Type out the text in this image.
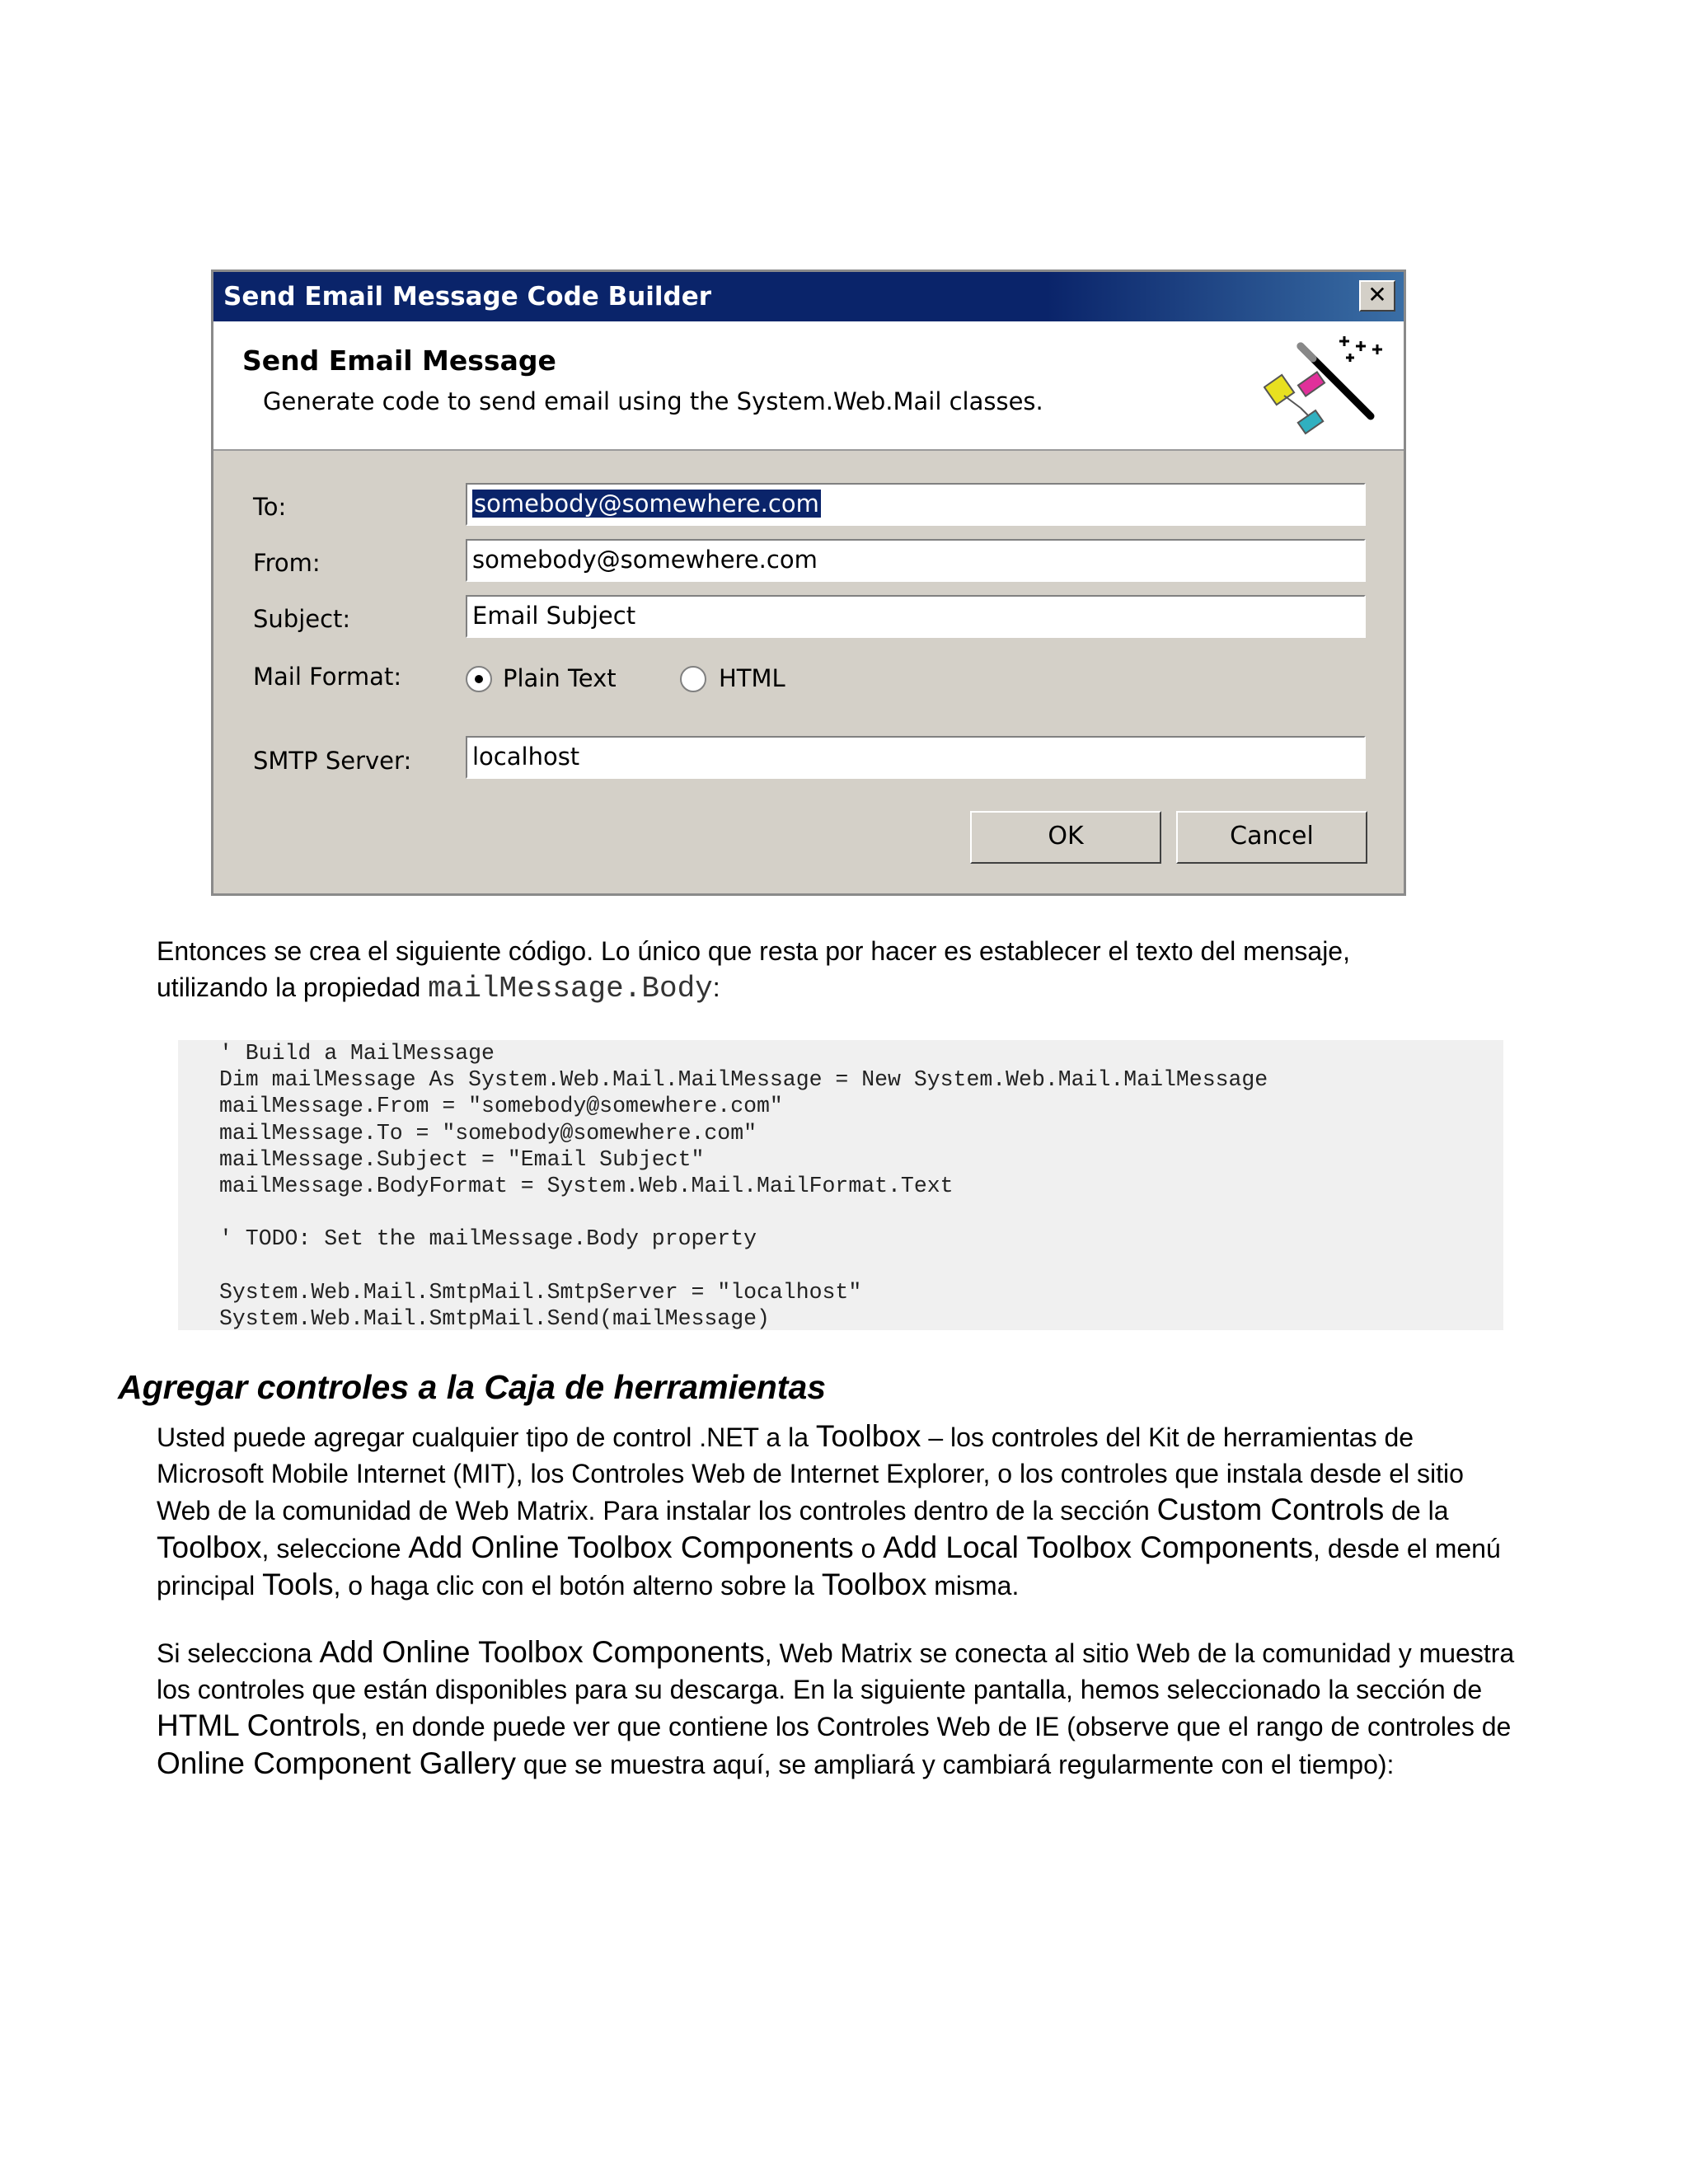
Send Email Message Code Builder	✕
Send Email Message
Generate code to send email using the System.Web.Mail classes.
To:	somebody@somewhere.com
From:	somebody@somewhere.com
Subject:	Email Subject
Mail Format:	Plain Text	HTML
SMTP Server:	localhost
OK	Cancel
Entonces se crea el siguiente código. Lo único que resta por hacer es establecer el texto del mensaje,
utilizando la propiedad mailMessage.Body:
' Build a MailMessage
Dim mailMessage As System.Web.Mail.MailMessage = New System.Web.Mail.MailMessage
mailMessage.From = "somebody@somewhere.com"
mailMessage.To = "somebody@somewhere.com"
mailMessage.Subject = "Email Subject"
mailMessage.BodyFormat = System.Web.Mail.MailFormat.Text

' TODO: Set the mailMessage.Body property

System.Web.Mail.SmtpMail.SmtpServer = "localhost"
System.Web.Mail.SmtpMail.Send(mailMessage)
Agregar controles a la Caja de herramientas
Usted puede agregar cualquier tipo de control .NET a la Toolbox – los controles del Kit de herramientas de Microsoft Mobile Internet (MIT), los Controles Web de Internet Explorer, o los controles que instala desde el sitio Web de la comunidad de Web Matrix. Para instalar los controles dentro de la sección Custom Controls de la Toolbox, seleccione Add Online Toolbox Components o Add Local Toolbox Components, desde el menú principal Tools, o haga clic con el botón alterno sobre la Toolbox misma.
Si selecciona Add Online Toolbox Components, Web Matrix se conecta al sitio Web de la comunidad y muestra los controles que están disponibles para su descarga. En la siguiente pantalla, hemos seleccionado la sección de HTML Controls, en donde puede ver que contiene los Controles Web de IE (observe que el rango de controles de Online Component Gallery que se muestra aquí, se ampliará y cambiará regularmente con el tiempo):
